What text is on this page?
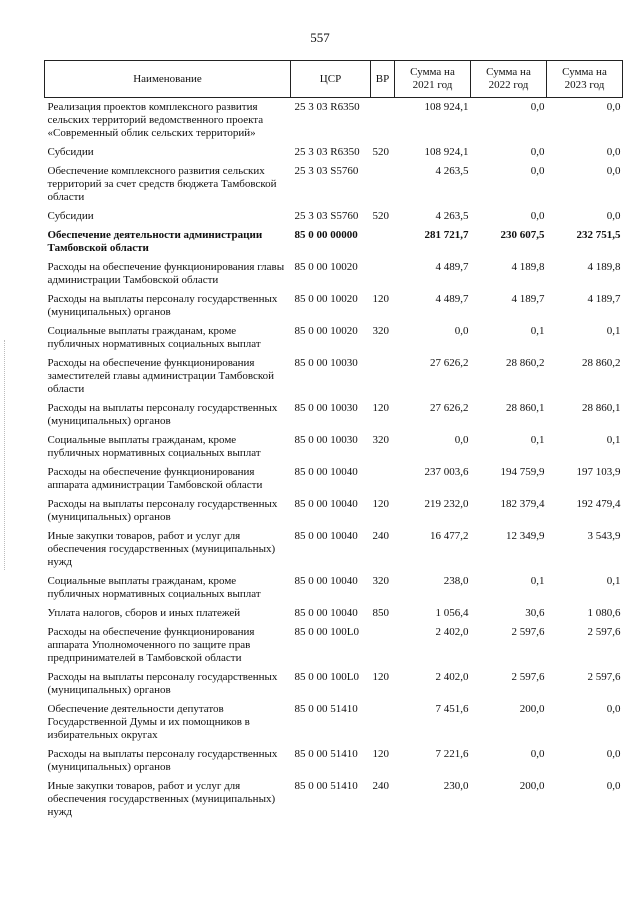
557
Наименование	ЦСР	ВР	Сумма на 2021 год	Сумма на 2022 год	Сумма на 2023 год
Реализация проектов комплексного развития сельских территорий ведомственного проекта «Современный облик сельских территорий»	25 3 03 R6350		108 924,1	0,0	0,0
Субсидии	25 3 03 R6350	520	108 924,1	0,0	0,0
Обеспечение комплексного развития сельских территорий за счет средств бюджета Тамбовской области	25 3 03 S5760		4 263,5	0,0	0,0
Субсидии	25 3 03 S5760	520	4 263,5	0,0	0,0
Обеспечение деятельности администрации Тамбовской области	85 0 00 00000		281 721,7	230 607,5	232 751,5
Расходы на обеспечение функционирования главы администрации Тамбовской области	85 0 00 10020		4 489,7	4 189,8	4 189,8
Расходы на выплаты персоналу государственных (муниципальных) органов	85 0 00 10020	120	4 489,7	4 189,7	4 189,7
Социальные выплаты гражданам, кроме публичных нормативных социальных выплат	85 0 00 10020	320	0,0	0,1	0,1
Расходы на обеспечение функционирования заместителей главы администрации Тамбовской области	85 0 00 10030		27 626,2	28 860,2	28 860,2
Расходы на выплаты персоналу государственных (муниципальных) органов	85 0 00 10030	120	27 626,2	28 860,1	28 860,1
Социальные выплаты гражданам, кроме публичных нормативных социальных выплат	85 0 00 10030	320	0,0	0,1	0,1
Расходы на обеспечение функционирования аппарата администрации Тамбовской области	85 0 00 10040		237 003,6	194 759,9	197 103,9
Расходы на выплаты персоналу государственных (муниципальных) органов	85 0 00 10040	120	219 232,0	182 379,4	192 479,4
Иные закупки товаров, работ и услуг для обеспечения государственных (муниципальных) нужд	85 0 00 10040	240	16 477,2	12 349,9	3 543,9
Социальные выплаты гражданам, кроме публичных нормативных социальных выплат	85 0 00 10040	320	238,0	0,1	0,1
Уплата налогов, сборов и иных платежей	85 0 00 10040	850	1 056,4	30,6	1 080,6
Расходы на обеспечение функционирования аппарата Уполномоченного по защите прав предпринимателей в Тамбовской области	85 0 00 100L0		2 402,0	2 597,6	2 597,6
Расходы на выплаты персоналу государственных (муниципальных) органов	85 0 00 100L0	120	2 402,0	2 597,6	2 597,6
Обеспечение деятельности депутатов Государственной Думы и их помощников в избирательных округах	85 0 00 51410		7 451,6	200,0	0,0
Расходы на выплаты персоналу государственных (муниципальных) органов	85 0 00 51410	120	7 221,6	0,0	0,0
Иные закупки товаров, работ и услуг для обеспечения государственных (муниципальных) нужд	85 0 00 51410	240	230,0	200,0	0,0
